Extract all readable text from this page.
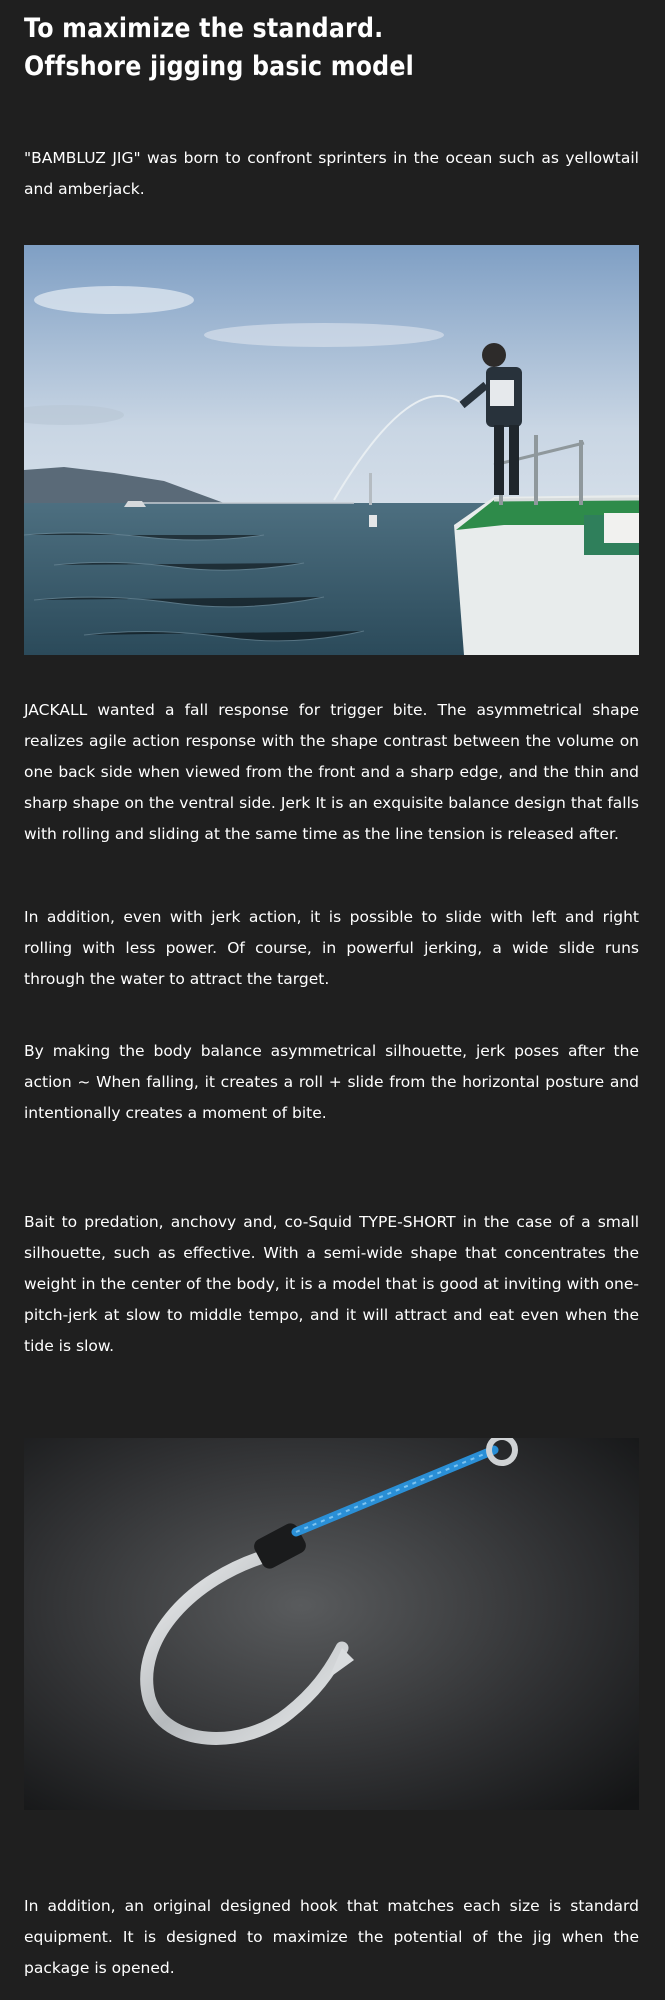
To maximize the standard.
Offshore jigging basic model

"BAMBLUZ JIG" was born to confront sprinters in the ocean such as yellowtail and amberjack.

JACKALL wanted a fall response for trigger bite. The asymmetrical shape realizes agile action response with the shape contrast between the volume on one back side when viewed from the front and a sharp edge, and the thin and sharp shape on the ventral side. Jerk It is an exquisite balance design that falls with rolling and sliding at the same time as the line tension is released after.

In addition, even with jerk action, it is possible to slide with left and right rolling with less power. Of course, in powerful jerking, a wide slide runs through the water to attract the target.

By making the body balance asymmetrical silhouette, jerk poses after the action ~ When falling, it creates a roll + slide from the horizontal posture and intentionally creates a moment of bite.

Bait to predation, anchovy and, co-Squid TYPE-SHORT in the case of a small silhouette, such as effective. With a semi-wide shape that concentrates the weight in the center of the body, it is a model that is good at inviting with one-pitch-jerk at slow to middle tempo, and it will attract and eat even when the tide is slow.

In addition, an original designed hook that matches each size is standard equipment. It is designed to maximize the potential of the jig when the package is opened.
